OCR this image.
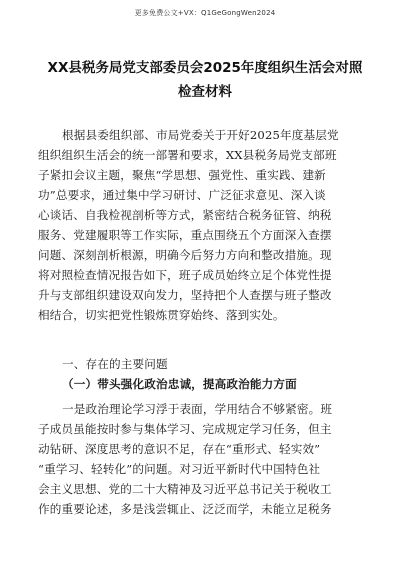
更多免费公文+VX：Q1GeGongWen2024
XX县税务局党支部委员会2025年度组织生活会对照
检查材料
根据县委组织部、市局党委关于开好2025年度基层党
组织组织生活会的统一部署和要求，XX县税务局党支部班
子紧扣会议主题，聚焦“学思想、强党性、重实践、建新
功”总要求，通过集中学习研讨、广泛征求意见、深入谈
心谈话、自我检视剖析等方式，紧密结合税务征管、纳税
服务、党建履职等工作实际，重点围绕五个方面深入查摆
问题、深刻剖析根源，明确今后努力方向和整改措施。现
将对照检查情况报告如下，班子成员始终立足个体党性提
升与支部组织建设双向发力，坚持把个人查摆与班子整改
相结合，切实把党性锻炼贯穿始终、落到实处。
一、存在的主要问题
（一）带头强化政治忠诚，提高政治能力方面
一是政治理论学习浮于表面，学用结合不够紧密。班
子成员虽能按时参与集体学习、完成规定学习任务，但主
动钻研、深度思考的意识不足，存在“重形式、轻实效”
“重学习、轻转化”的问题。对习近平新时代中国特色社
会主义思想、党的二十大精神及习近平总书记关于税收工
作的重要论述，多是浅尝辄止、泛泛而学，未能立足税务
